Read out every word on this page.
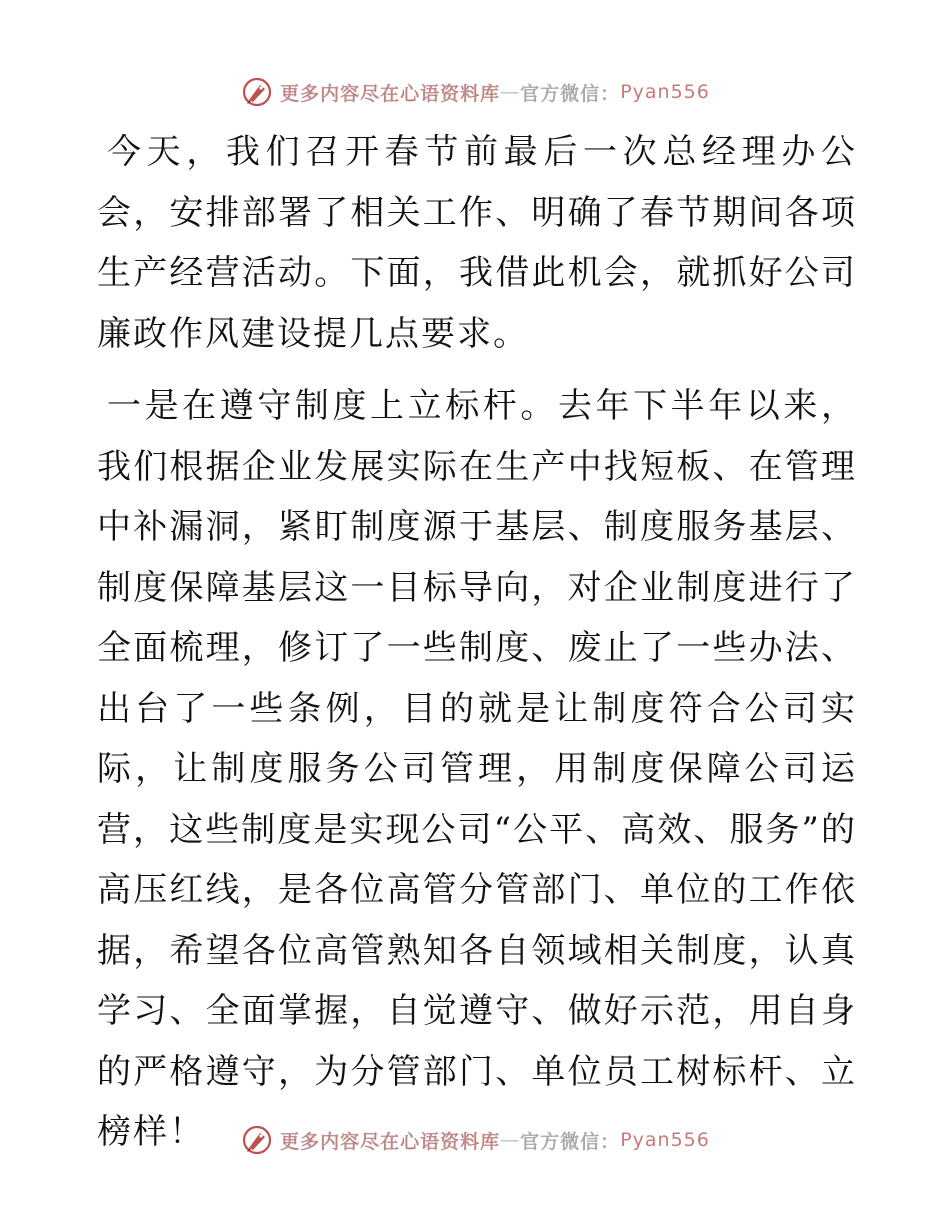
更多内容尽在心语资料库 — 官方微信： Pyan556

今天，我们召开春节前最后一次总经理办公会，安排部署了相关工作、明确了春节期间各项生产经营活动。下面，我借此机会，就抓好公司廉政作风建设提几点要求。

一是在遵守制度上立标杆。去年下半年以来，我们根据企业发展实际在生产中找短板、在管理中补漏洞，紧盯制度源于基层、制度服务基层、制度保障基层这一目标导向，对企业制度进行了全面梳理，修订了一些制度、废止了一些办法、出台了一些条例，目的就是让制度符合公司实际，让制度服务公司管理，用制度保障公司运营，这些制度是实现公司“公平、高效、服务”的高压红线，是各位高管分管部门、单位的工作依据，希望各位高管熟知各自领域相关制度，认真学习、全面掌握，自觉遵守、做好示范，用自身的严格遵守，为分管部门、单位员工树标杆、立榜样！	更多内容尽在心语资料库 — 官方微信： Pyan556
